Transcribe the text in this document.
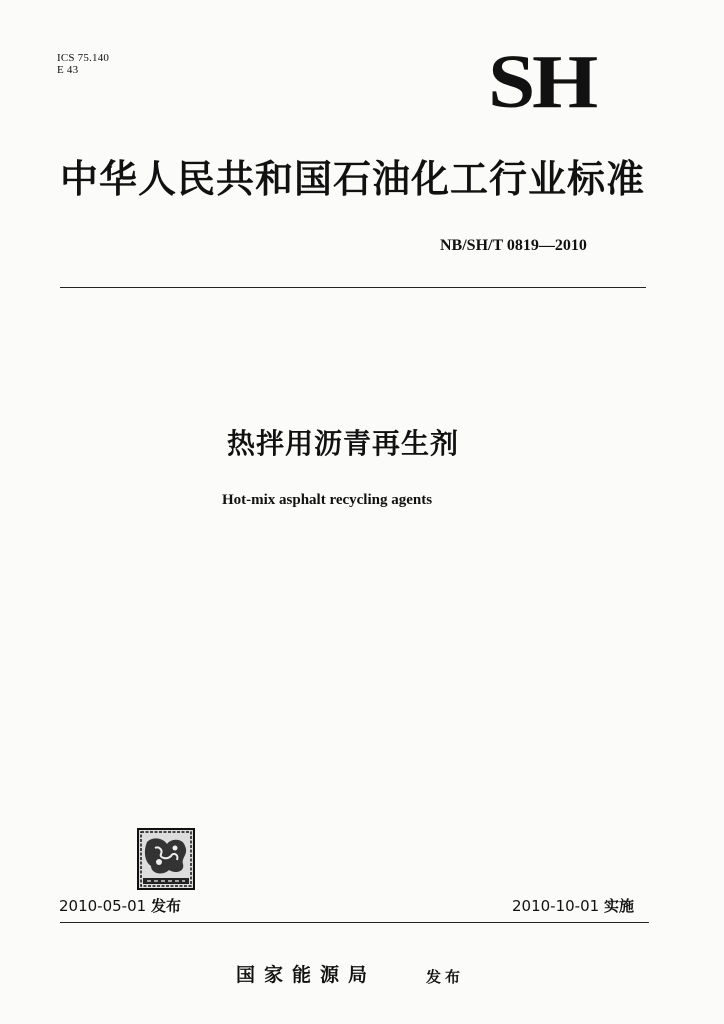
ICS 75.140
E 43	SH
中华人民共和国石油化工行业标准
NB/SH/T 0819—2010
热拌用沥青再生剂
Hot-mix asphalt recycling agents
2010-05-01 发布	2010-10-01 实施
国家能源局	发布
